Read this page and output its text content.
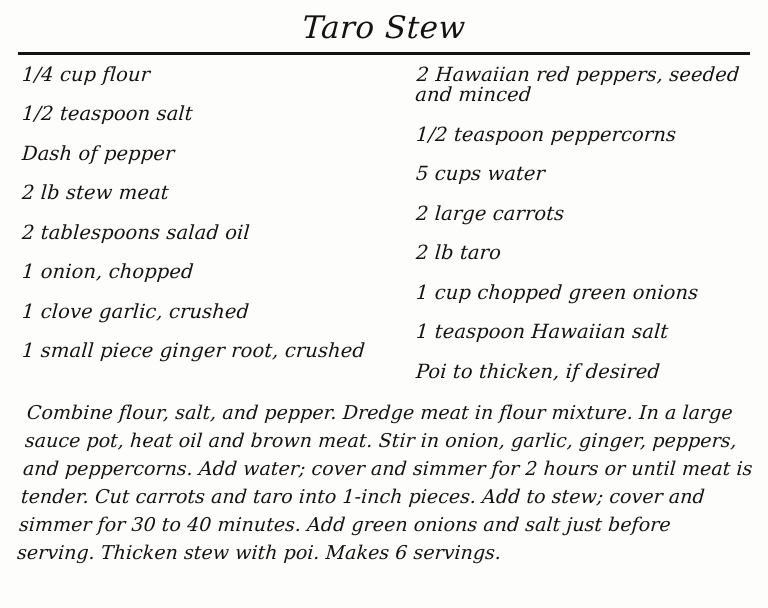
Taro Stew
1/4 cup flour
1/2 teaspoon salt
Dash of pepper
2 lb stew meat
2 tablespoons salad oil
1 onion, chopped
1 clove garlic, crushed
1 small piece ginger root, crushed
2 Hawaiian red peppers, seeded and minced
1/2 teaspoon peppercorns
5 cups water
2 large carrots
2 lb taro
1 cup chopped green onions
1 teaspoon Hawaiian salt
Poi to thicken, if desired
Combine flour, salt, and pepper. Dredge meat in flour mixture. In a large sauce pot, heat oil and brown meat. Stir in onion, garlic, ginger, peppers, and peppercorns. Add water; cover and simmer for 2 hours or until meat is tender. Cut carrots and taro into 1-inch pieces. Add to stew; cover and simmer for 30 to 40 minutes. Add green onions and salt just before serving. Thicken stew with poi. Makes 6 servings.
